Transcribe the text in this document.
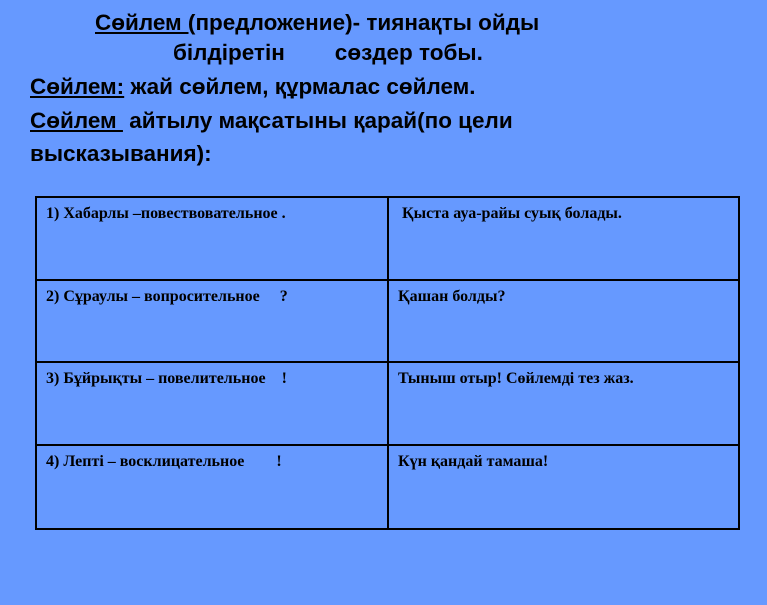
Сөйлем (предложение)- тиянақты ойды
білдіретін        сөздер тобы.
Сөйлем: жай сөйлем, құрмалас сөйлем.
Сөйлем  айтылу мақсатыны қарай(по цели
высказывания):
1) Хабарлы –повествовательное .	Қыста ауа-райы суық болады.
2) Сұраулы – вопросительное     ?	Қашан болды?
3) Бұйрықты – повелительное    !	Тыныш отыр! Сөйлемді тез жаз.
4) Лепті – восклицательное        !	Күн қандай тамаша!
